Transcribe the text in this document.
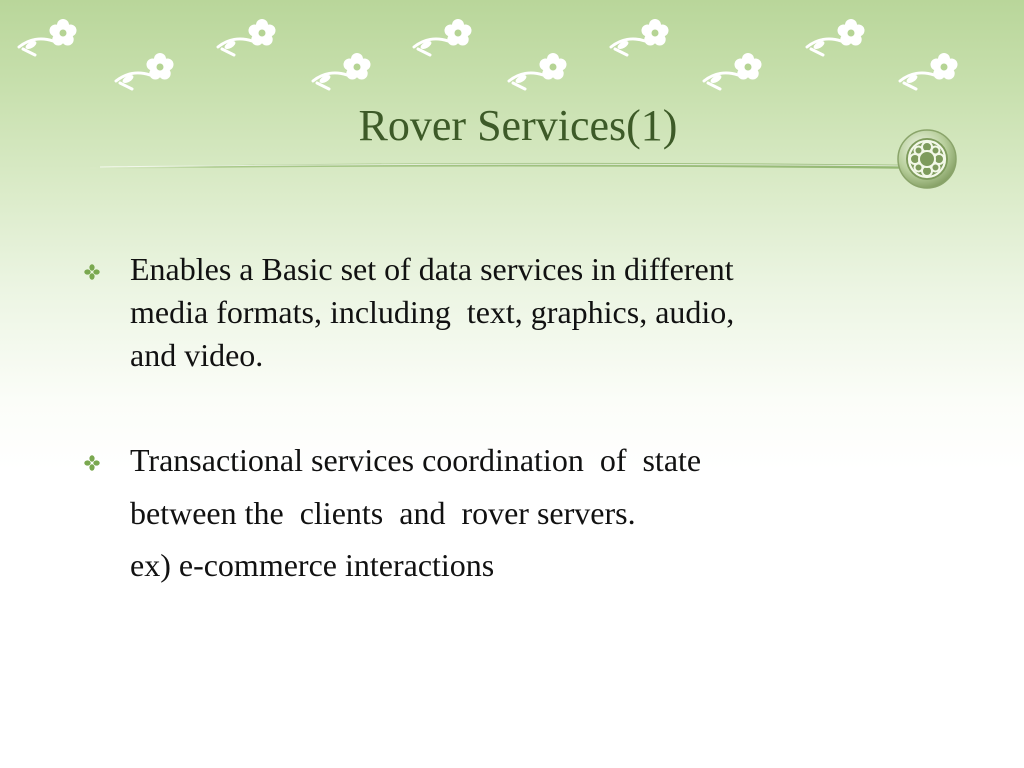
Rover Services(1)
Enables a Basic set of data services in different
media formats, including  text, graphics, audio,
and video.
Transactional services coordination  of  state
between the  clients  and  rover servers.
ex) e-commerce interactions
